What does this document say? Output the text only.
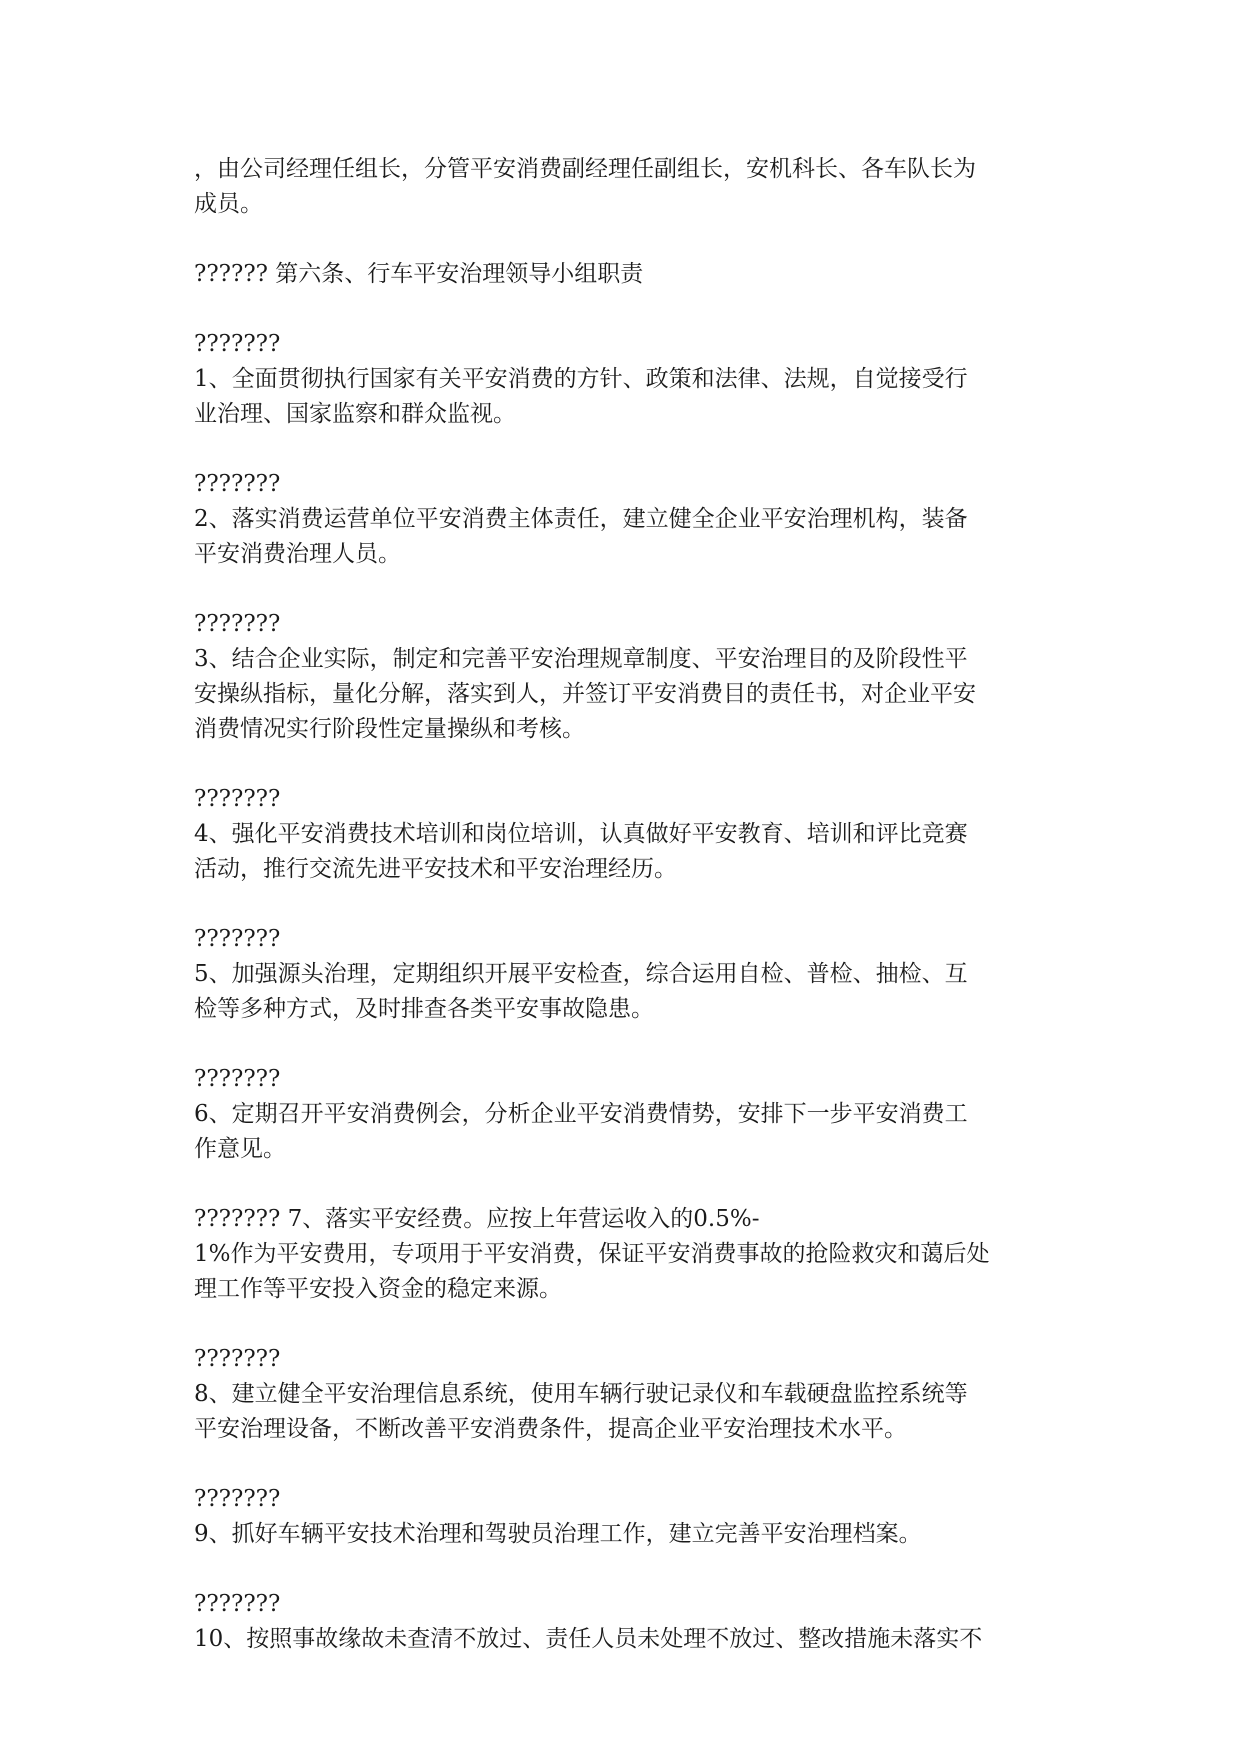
，由公司经理任组长，分管平安消费副经理任副组长，安机科长、各车队长为
成员。
?????? 第六条、行车平安治理领导小组职责
???????
1、全面贯彻执行国家有关平安消费的方针、政策和法律、法规，自觉接受行
业治理、国家监察和群众监视。
???????
2、落实消费运营单位平安消费主体责任，建立健全企业平安治理机构，装备
平安消费治理人员。
???????
3、结合企业实际，制定和完善平安治理规章制度、平安治理目的及阶段性平
安操纵指标，量化分解，落实到人，并签订平安消费目的责任书，对企业平安
消费情况实行阶段性定量操纵和考核。
???????
4、强化平安消费技术培训和岗位培训，认真做好平安教育、培训和评比竞赛
活动，推行交流先进平安技术和平安治理经历。
???????
5、加强源头治理，定期组织开展平安检查，综合运用自检、普检、抽检、互
检等多种方式，及时排查各类平安事故隐患。
???????
6、定期召开平安消费例会，分析企业平安消费情势，安排下一步平安消费工
作意见。
??????? 7、落实平安经费。应按上年营运收入的0.5%-
1%作为平安费用，专项用于平安消费，保证平安消费事故的抢险救灾和蔼后处
理工作等平安投入资金的稳定来源。
???????
8、建立健全平安治理信息系统，使用车辆行驶记录仪和车载硬盘监控系统等
平安治理设备，不断改善平安消费条件，提高企业平安治理技术水平。
???????
9、抓好车辆平安技术治理和驾驶员治理工作，建立完善平安治理档案。
???????
10、按照事故缘故未查清不放过、责任人员未处理不放过、整改措施未落实不
